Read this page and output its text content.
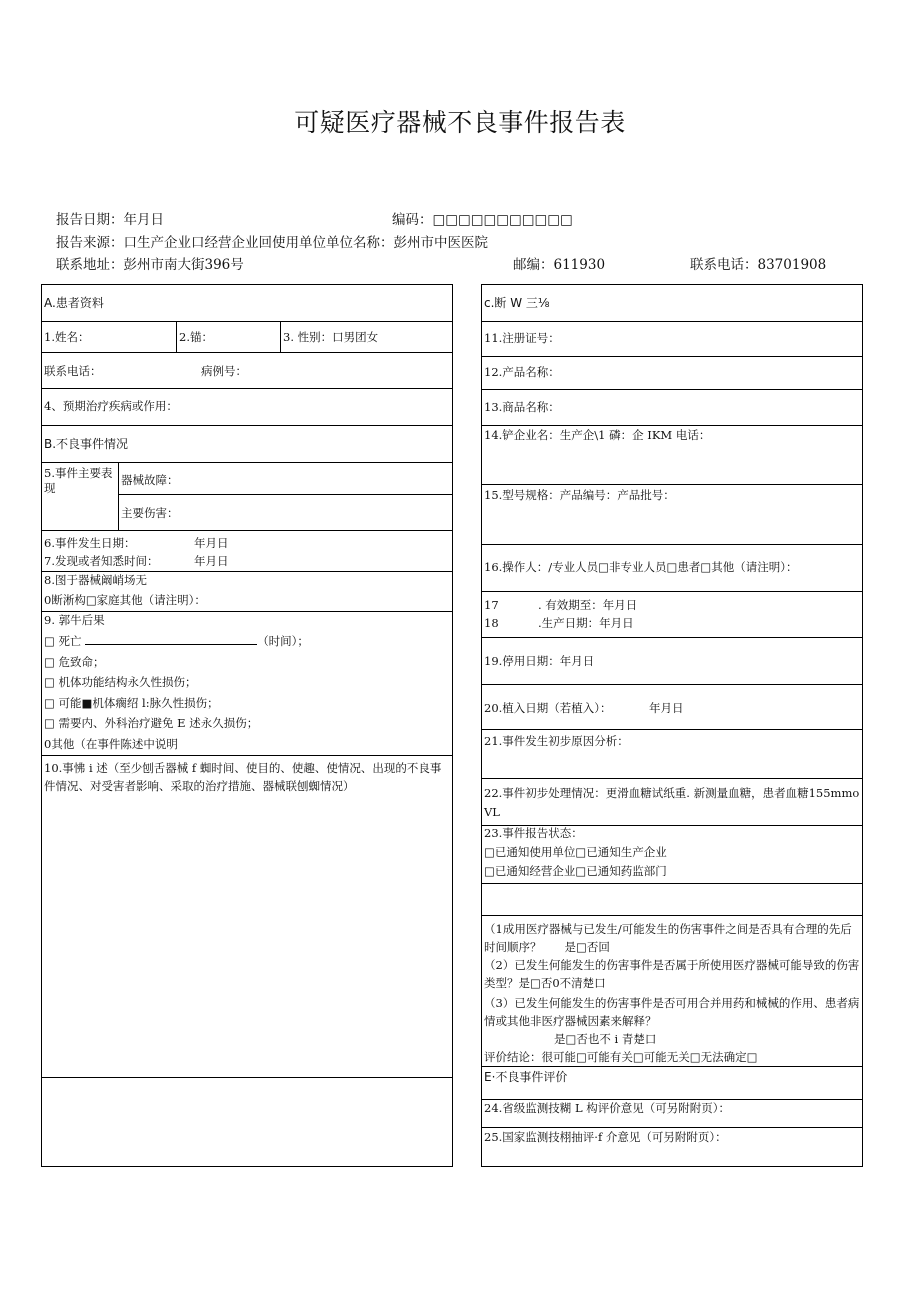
可疑医疗器械不良事件报告表
报告日期：年月日	编码：□□□□□□□□□□□
报告来源：口生产企业口经营企业回使用单位单位名称：彭州市中医医院
联系地址：彭州市南大街396号	邮编：611930	联系电话：83701908
A.患者资料
1.姓名：	2.锚：	3. 性别：口男团女
联系电话：	病例号：
4、预期治疗疾病或作用：
B.不良事件情况
5.事件主要表现
器械故障：
主要伤害：
6.事件发生日期：	年月日
7.发现或者知悉时间：	年月日
8.图于器械阚峭场无
0断淅构□家庭其他（请注明）：
9. 郭牛后果
□ 死亡	（时间）；
□ 危致命；
□ 机体功能结构永久性损伤；
□ 可能■机体瘸绍 l:脉久性损伤；
□ 需要内、外科治疗避免 E 述永久损伤；
0其他（在事件陈述中说明
10.事怫 i 述（至少刨舌器械 f 蜘时间、使目的、使趣、使情况、出现的不良事件情况、对受害者影响、采取的治疗措施、器械联刨蜘情况）
c.断 W 三⅛
11.注册证号：
12.产品名称：
13.商品名称：
14.铲企业名：生产企\1 磷：企 IKM 电话：
15.型号规格：产品编号：产品批号：
16.操作人：/专业人员□非专业人员□患者□其他（请注明）：
17	. 有效期至：年月日
18	.生产日期：年月日
19.停用日期：年月日
20.植入日期（若植入）：	年月日
21.事件发生初步原因分析：
22.事件初步处理情况：更滑血糖试纸重. 新测量血糖，患者血糖155mmoVL
23.事件报告状态：
□已通知使用单位□已通知生产企业
□已通知经营企业□已通知药监部门
（1成用医疗器械与已发生/可能发生的伤害事件之间是否具有合理的先后时间顺序？　　是□否回
（2）已发生何能发生的伤害事件是否属于所使用医疗器械可能导致的伤害类型？是□否0不清楚口
（3）已发生何能发生的伤害事件是否可用合并用药和械械的作用、患者病情或其他非医疗器械因素来解释？
是□否也不 i 青楚口
评价结论：很可能□可能有关□可能无关□无法确定□
E·不良事件评价
24.省级监测技糊 L 构评价意见（可另附附页）：
25.国家监测技栩抽评·f 介意见（可另附附页）：
